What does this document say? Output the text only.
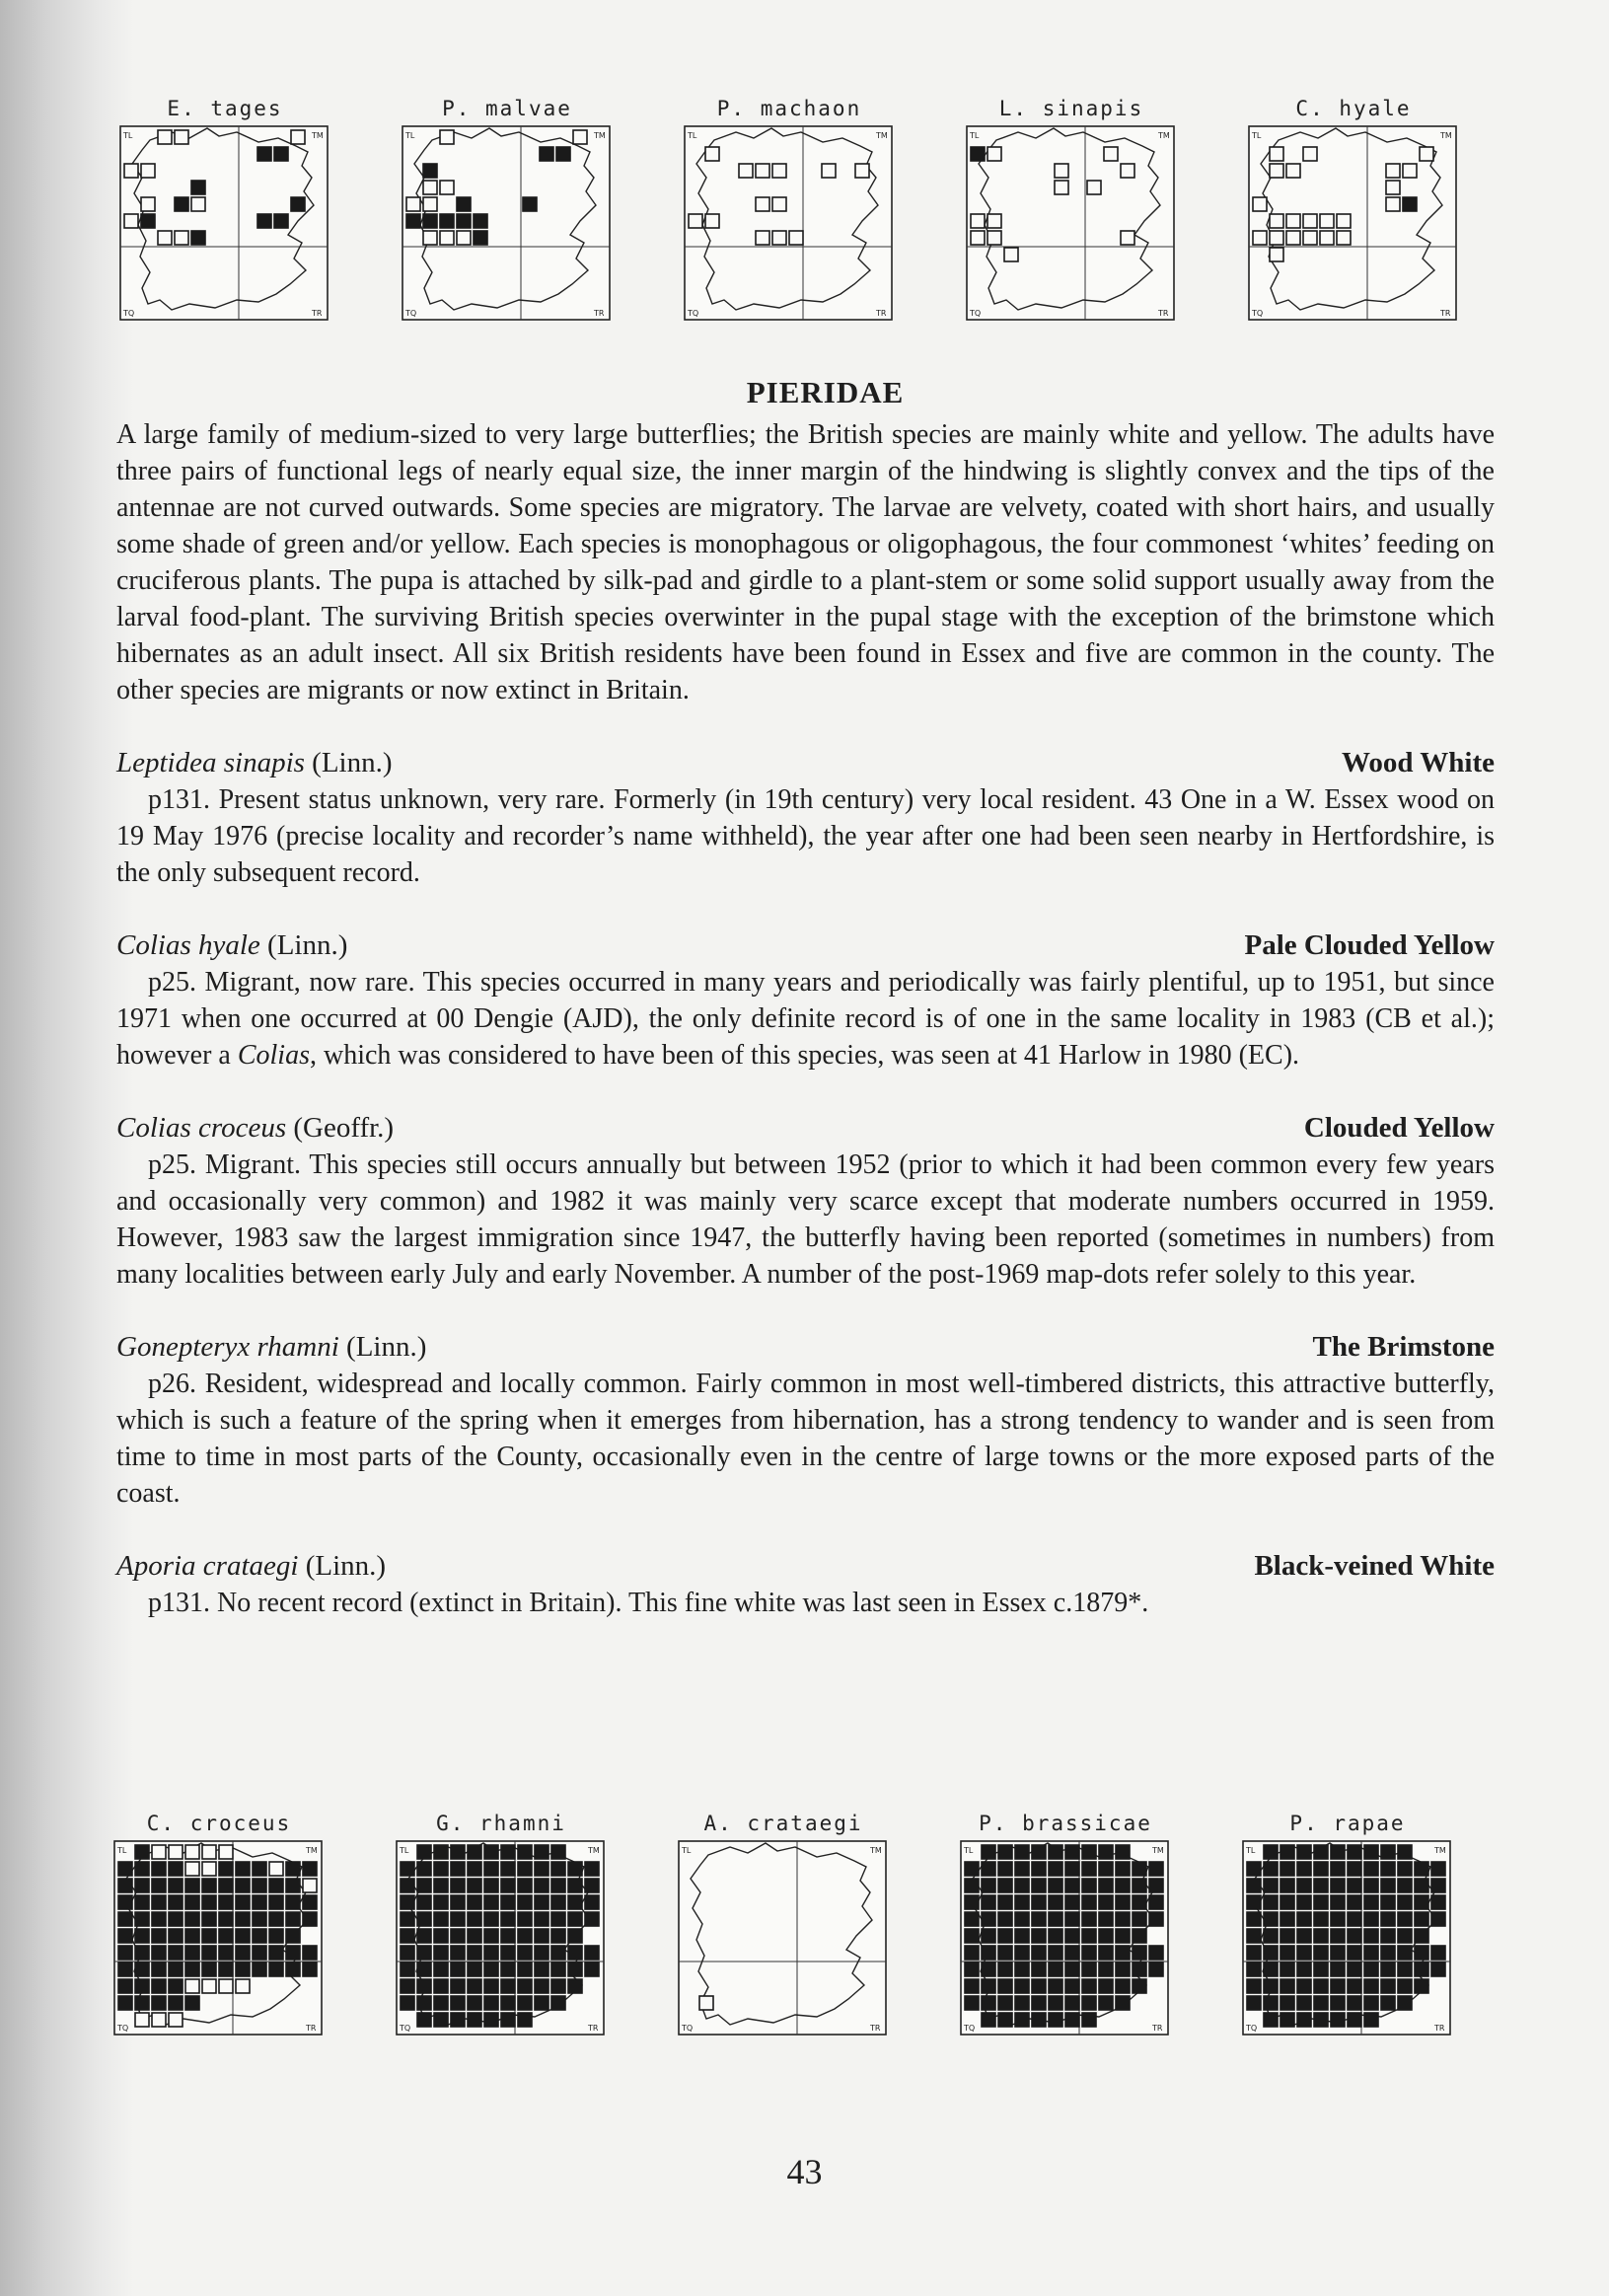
E. tages
TL	TM
TQ	TR
P. malvae
TL	TM
TQ	TR
P. machaon
TL	TM
TQ	TR
L. sinapis
TL	TM
TQ	TR
C. hyale
TL	TM
TQ	TR
PIERIDAE

A large family of medium-sized to very large butterflies; the British species are mainly white and yellow. The adults have three pairs of functional legs of nearly equal size, the inner margin of the hindwing is slightly convex and the tips of the antennae are not curved outwards. Some species are migratory. The larvae are velvety, coated with short hairs, and usually some shade of green and/or yellow. Each species is monophagous or oligophagous, the four commonest ‘whites’ feeding on cruciferous plants. The pupa is attached by silk-pad and girdle to a plant-stem or some solid support usually away from the larval food-plant. The surviving British species overwinter in the pupal stage with the exception of the brimstone which hibernates as an adult insect. All six British residents have been found in Essex and five are common in the county. The other species are migrants or now extinct in Britain.

Leptidea sinapis (Linn.)	Wood White

p131. Present status unknown, very rare. Formerly (in 19th century) very local resident. 43 One in a W. Essex wood on 19 May 1976 (precise locality and recorder’s name withheld), the year after one had been seen nearby in Hertfordshire, is the only subsequent record.

Colias hyale (Linn.)	Pale Clouded Yellow

p25. Migrant, now rare. This species occurred in many years and periodically was fairly plentiful, up to 1951, but since 1971 when one occurred at 00 Dengie (AJD), the only definite record is of one in the same locality in 1983 (CB et al.); however a Colias, which was considered to have been of this species, was seen at 41 Harlow in 1980 (EC).

Colias croceus (Geoffr.)	Clouded Yellow

p25. Migrant. This species still occurs annually but between 1952 (prior to which it had been common every few years and occasionally very common) and 1982 it was mainly very scarce except that moderate numbers occurred in 1959. However, 1983 saw the largest immigration since 1947, the butterfly having been reported (sometimes in numbers) from many localities between early July and early November. A number of the post-1969 map-dots refer solely to this year.

Gonepteryx rhamni (Linn.)	The Brimstone

p26. Resident, widespread and locally common. Fairly common in most well-timbered districts, this attractive butterfly, which is such a feature of the spring when it emerges from hibernation, has a strong tendency to wander and is seen from time to time in most parts of the County, occasionally even in the centre of large towns or the more exposed parts of the coast.

Aporia crataegi (Linn.)	Black-veined White

p131. No recent record (extinct in Britain). This fine white was last seen in Essex c.1879*.

C. croceus
TL	TM
TQ	TR
G. rhamni
TL	TM
TQ	TR
A. crataegi
TL	TM
TQ	TR
P. brassicae
TL	TM
TQ	TR
P. rapae
TL	TM
TQ	TR
43
